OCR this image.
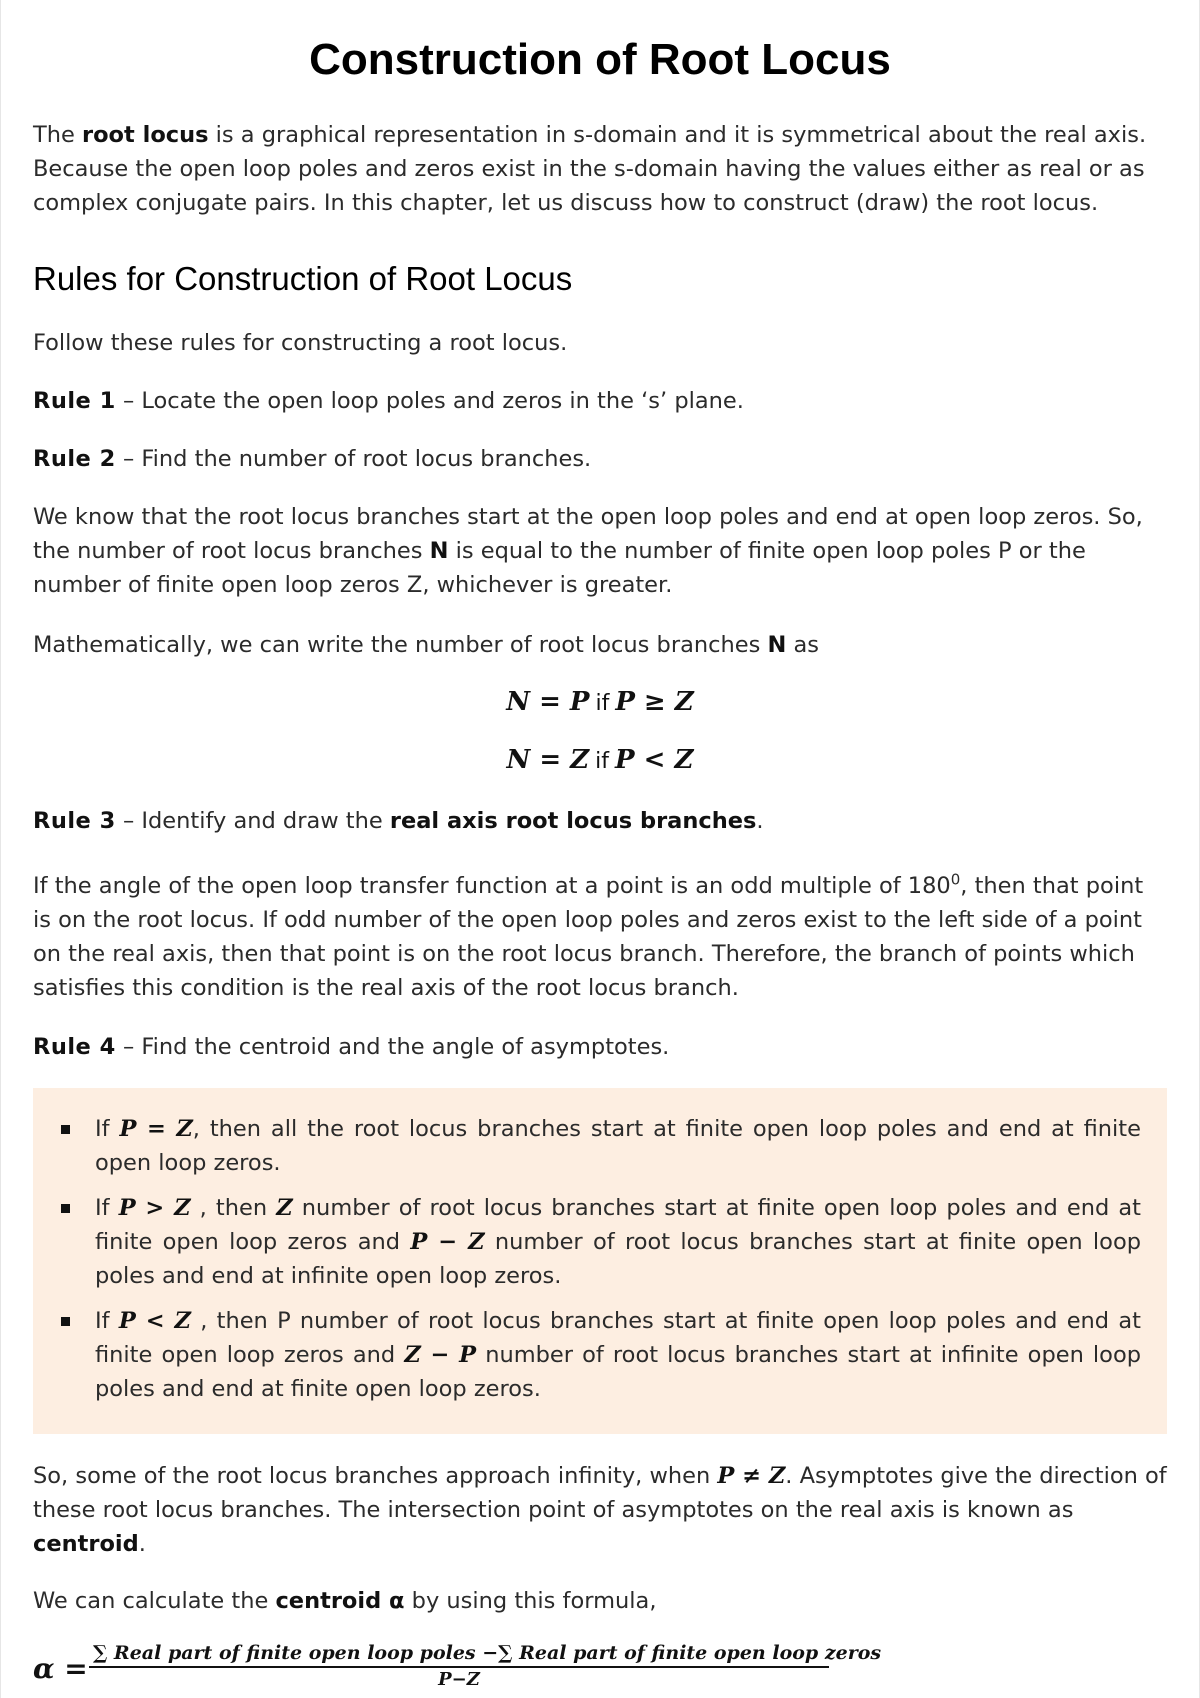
Construction of Root Locus

The root locus is a graphical representation in s-domain and it is symmetrical about the real axis. Because the open loop poles and zeros exist in the s-domain having the values either as real or as complex conjugate pairs. In this chapter, let us discuss how to construct (draw) the root locus.

Rules for Construction of Root Locus

Follow these rules for constructing a root locus.

Rule 1 – Locate the open loop poles and zeros in the ‘s’ plane.

Rule 2 – Find the number of root locus branches.

We know that the root locus branches start at the open loop poles and end at open loop zeros. So, the number of root locus branches N is equal to the number of finite open loop poles P or the number of finite open loop zeros Z, whichever is greater.

Mathematically, we can write the number of root locus branches N as

N = P if P ≥ Z
N = Z if P < Z

Rule 3 – Identify and draw the real axis root locus branches.

If the angle of the open loop transfer function at a point is an odd multiple of $180^0$, then that point is on the root locus. If odd number of the open loop poles and zeros exist to the left side of a point on the real axis, then that point is on the root locus branch. Therefore, the branch of points which satisfies this condition is the real axis of the root locus branch.

Rule 4 – Find the centroid and the angle of asymptotes.

If P = Z, then all the root locus branches start at finite open loop poles and end at finite open loop zeros.
If P > Z , then Z number of root locus branches start at finite open loop poles and end at finite open loop zeros and P − Z number of root locus branches start at finite open loop poles and end at infinite open loop zeros.
If P < Z , then P number of root locus branches start at finite open loop poles and end at finite open loop zeros and Z − P number of root locus branches start at infinite open loop poles and end at finite open loop zeros.

So, some of the root locus branches approach infinity, when P ≠ Z. Asymptotes give the direction of these root locus branches. The intersection point of asymptotes on the real axis is known as centroid.

We can calculate the centroid α by using this formula,

α = ∑ Real part of finite open loop poles −∑ Real part of finite open loop zeros
P−Z
